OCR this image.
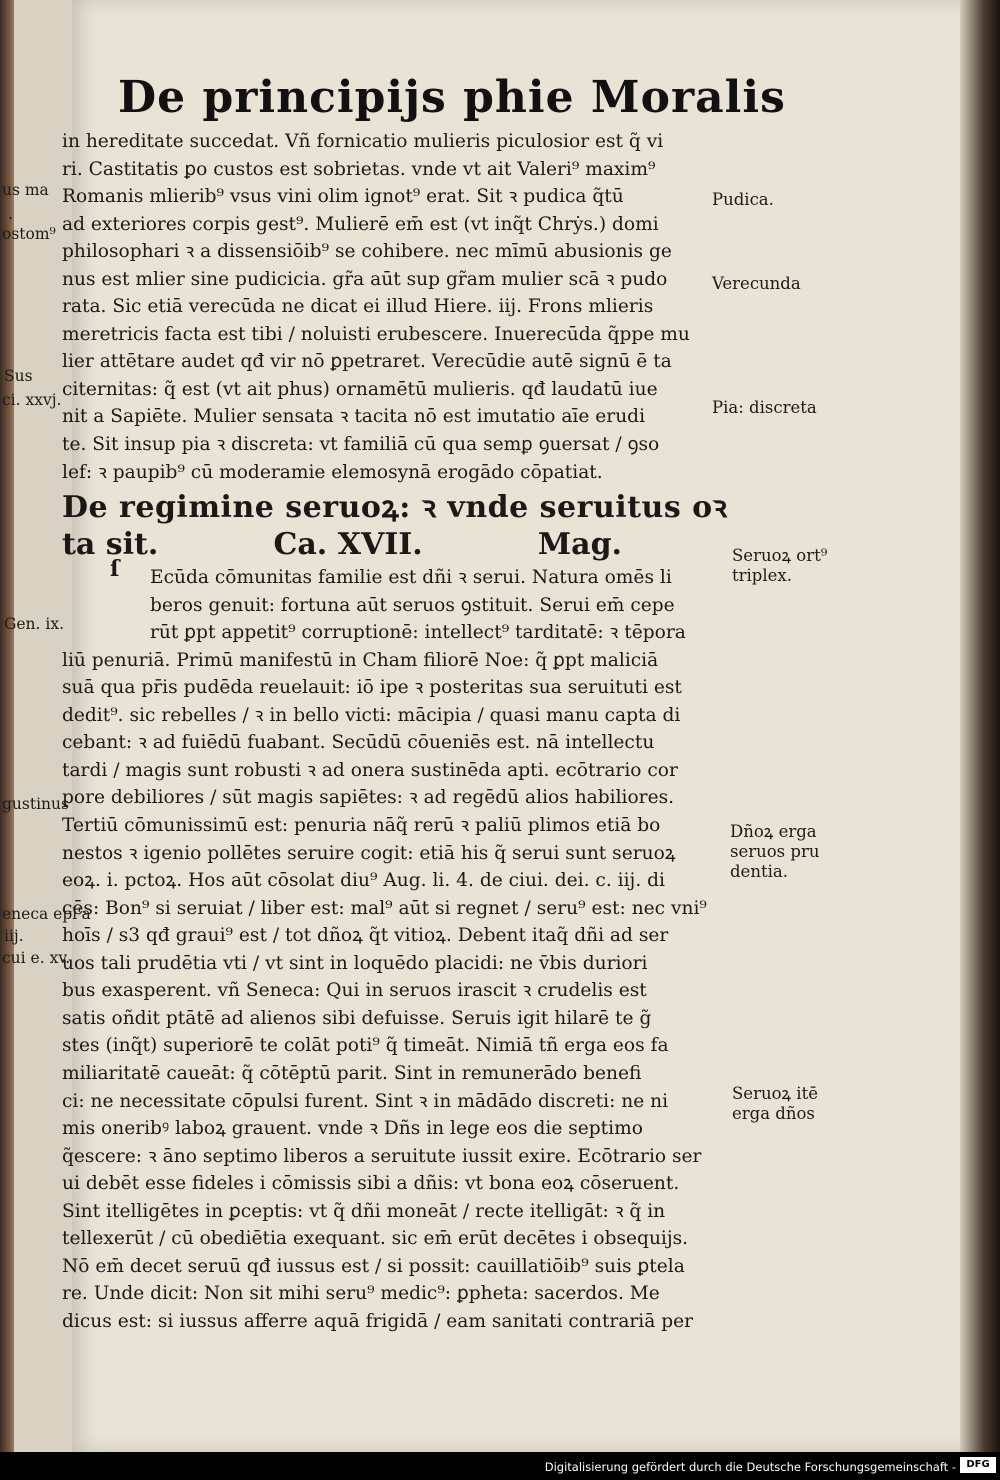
De principijs phie Moralis
in hereditate succedat. Vñ fornicatio mulieris piculosior est q̃ vi
ri. Castitatis ꝑo custos est sobrietas. vnde vt ait Valeri⁹ maxim⁹
Romanis mlierib⁹ vsus vini olim ignot⁹ erat. Sit ꝛ pudica q̃tū
ad exteriores corpis gest⁹. Mulierē em̄ est (vt inq̃t Chrẏs.) domi
philosophari ꝛ a dissensiōib⁹ se cohibere. nec mīmū abusionis ge
nus est mlier sine pudicicia. gr̃a aūt sup gr̃am mulier scā ꝛ pudo
rata. Sic etiā verecūda ne dicat ei illud Hiere. iij. Frons mlieris
meretricis facta est tibi / noluisti erubescere. Inuerecūda q̃ppe mu
lier attētare audet qđ vir nō ꝑpetraret. Verecūdie autē signū ē ta
citernitas: q̃ est (vt ait phus) ornamētū mulieris. qđ laudatū iue
nit a Sapiēte. Mulier sensata ꝛ tacita nō est imutatio aīe erudi
te. Sit insup pia ꝛ discreta: vt familiā cū qua semꝑ ꝯuersat / ꝯso
lef: ꝛ paupib⁹ cū moderamie elemosynā erogādo cōpatiat.
De regimine seruoꝝ: ꝛ vnde seruitus oꝛ
ta sit.	Ca. XVII.	Mag.
Ecūda cōmunitas familie est dñi ꝛ serui. Natura omēs li
beros genuit: fortuna aūt seruos ꝯstituit. Serui em̄ cepe
rūt ꝑpt appetit⁹ corruptionē: intellect⁹ tarditatē: ꝛ tēpora
liū penuriā. Primū manifestū in Cham filiorē Noe: q̃ ꝑpt maliciā
suā qua pr̄is pudēda reuelauit: iō ipe ꝛ posteritas sua seruituti est
dedit⁹. sic rebelles / ꝛ in bello victi: mācipia / quasi manu capta di
cebant: ꝛ ad fuiēdū fuabant. Secūdū cōueniēs est. nā intellectu
tardi / magis sunt robusti ꝛ ad onera sustinēda apti. ecōtrario cor
pore debiliores / sūt magis sapiētes: ꝛ ad regēdū alios habiliores.
Tertiū cōmunissimū est: penuria nāq̃ rerū ꝛ paliū plimos etiā bo
nestos ꝛ igenio pollētes seruire cogit: etiā his q̃ serui sunt seruoꝝ
eoꝝ. i. pctoꝝ. Hos aūt cōsolat diu⁹ Aug. li. 4. de ciui. dei. c. iij. di
cēs: Bon⁹ si seruiat / liber est: mal⁹ aūt si regnet / seru⁹ est: nec vni⁹
hoīs / s3 qđ graui⁹ est / tot dñoꝝ q̃t vitioꝝ. Debent itaq̃ dñi ad ser
uos tali prudētia vti / vt sint in loquēdo placidi: ne v̄bis duriori
bus exasperent. vñ Seneca: Qui in seruos irascit ꝛ crudelis est
satis oñdit ptātē ad alienos sibi defuisse. Seruis igit hilarē te g̃
stes (inq̃t) superiorē te colāt poti⁹ q̃ timeāt. Nimiā tñ erga eos fa
miliaritatē caueāt: q̃ cōtēptū parit. Sint in remunerādo benefi
ci: ne necessitate cōpulsi furent. Sint ꝛ in mādādo discreti: ne ni
mis oneribꝰ laboꝝ grauent. vnde ꝛ Dñs in lege eos die septimo
q̃escere: ꝛ āno septimo liberos a seruitute iussit exire. Ecōtrario ser
ui debēt esse fideles i cōmissis sibi a dñis: vt bona eoꝝ cōseruent.
Sint itelligētes in ꝑceptis: vt q̃ dñi moneāt / recte itelligāt: ꝛ q̃ in
tellexerūt / cū obediētia exequant. sic em̄ erūt decētes i obsequijs.
Nō em̄ decet seruū qđ iussus est / si possit: cauillatiōib⁹ suis ꝑtela
re. Unde dicit: Non sit mihi seru⁹ medic⁹: ꝑpheta: sacerdos. Me
dicus est: si iussus afferre aquā frigidā / eam sanitati contrariā per
ſ
Pudica.
Verecunda
Pia: discreta
Seruoꝝ ort⁹
triplex.
Dñoꝝ erga
seruos pru
dentia.
Seruoꝝ itē
erga dños
us ma
.
ostom⁹
Sus
ci. xxvj.
Gen. ix.
gustinus
eneca epl'a
iij.
cui e. xv.
Digitalisierung gefördert durch die Deutsche Forschungsgemeinschaft -	DFG
